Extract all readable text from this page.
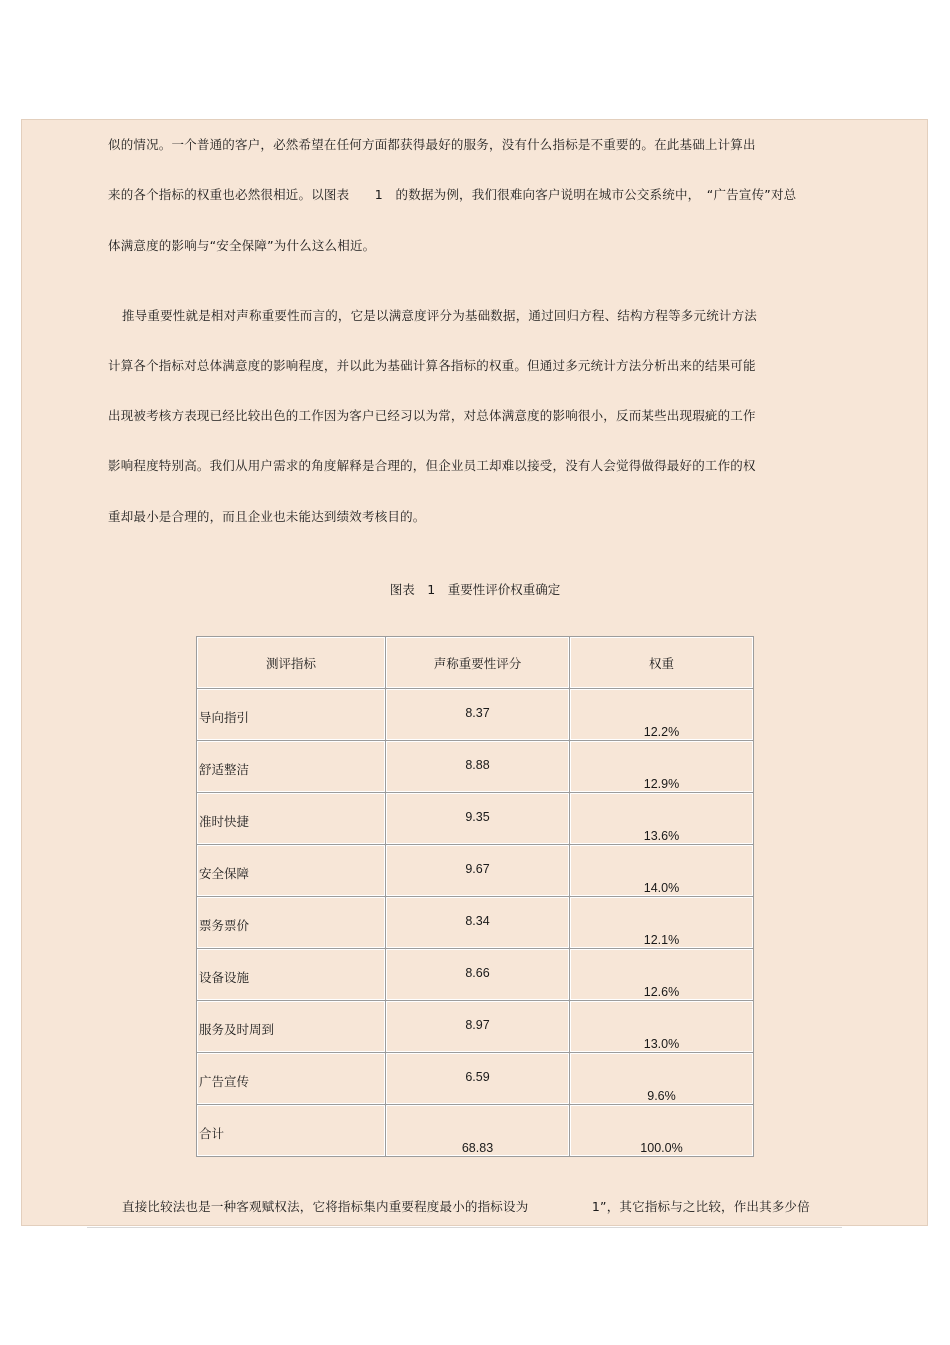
似的情况。一个普通的客户，必然希望在任何方面都获得最好的服务，没有什么指标是不重要的。在此基础上计算出
来的各个指标的权重也必然很相近。以图表　　1　的数据为例，我们很难向客户说明在城市公交系统中，　“广告宣传”对总
体满意度的影响与“安全保障”为什么这么相近。
推导重要性就是相对声称重要性而言的，它是以满意度评分为基础数据，通过回归方程、结构方程等多元统计方法
计算各个指标对总体满意度的影响程度，并以此为基础计算各指标的权重。但通过多元统计方法分析出来的结果可能
出现被考核方表现已经比较出色的工作因为客户已经习以为常，对总体满意度的影响很小，反而某些出现瑕疵的工作
影响程度特别高。我们从用户需求的角度解释是合理的，但企业员工却难以接受，没有人会觉得做得最好的工作的权
重却最小是合理的，而且企业也未能达到绩效考核目的。
图表　1　重要性评价权重确定
测评指标	声称重要性评分	权重

导向指引	8.37	12.2%

舒适整洁	8.88	12.9%

准时快捷	9.35	13.6%

安全保障	9.67	14.0%

票务票价	8.34	12.1%

设备设施	8.66	12.6%

服务及时周到	8.97	13.0%

广告宣传	6.59	9.6%

合计	68.83	100.0%
直接比较法也是一种客观赋权法，它将指标集内重要程度最小的指标设为　　　　　1”，其它指标与之比较，作出其多少倍
